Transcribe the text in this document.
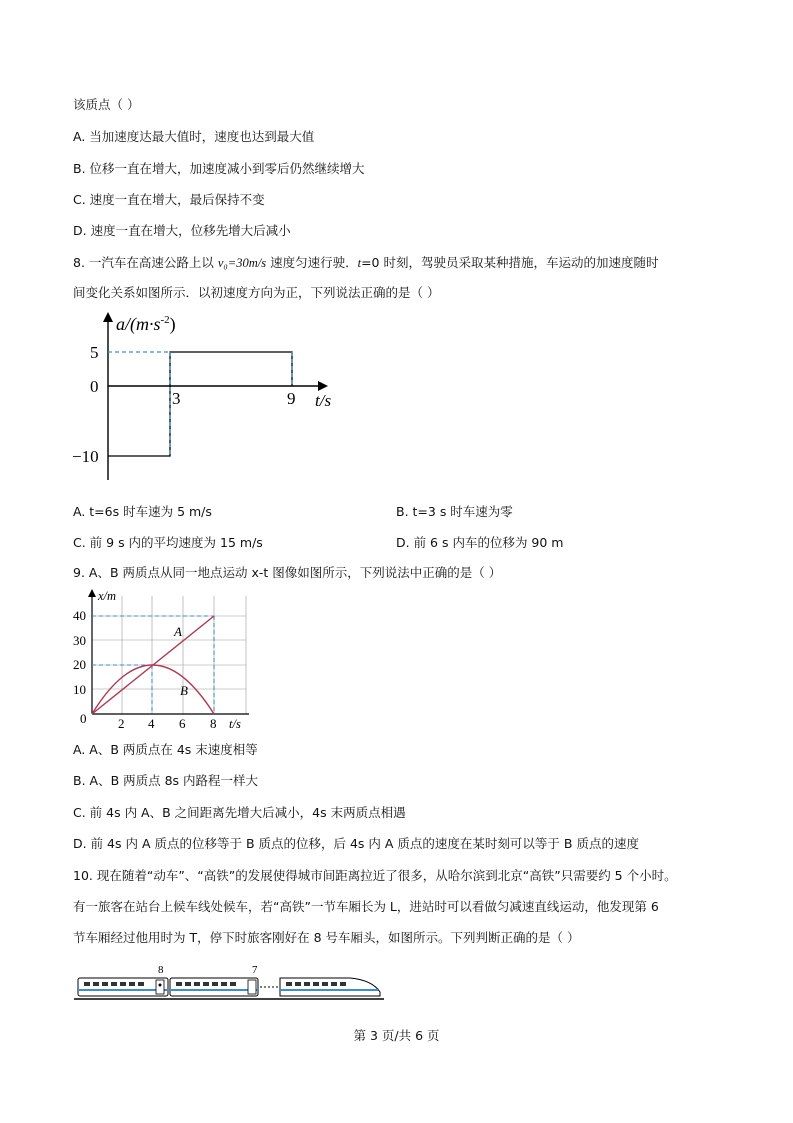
该质点（ ）
A. 当加速度达最大值时，速度也达到最大值
B. 位移一直在增大，加速度减小到零后仍然继续增大
C. 速度一直在增大，最后保持不变
D. 速度一直在增大，位移先增大后减小
8. 一汽车在高速公路上以 v₀=30m/s 速度匀速行驶．t=0 时刻，驾驶员采取某种措施，车运动的加速度随时
间变化关系如图所示．以初速度方向为正，下列说法正确的是（ ）
$a/(m\cdot s^{-2})$
5
0
−10
3	9 t/s
A. t=6s 时车速为 5 m/s	B. t=3 s 时车速为零
C. 前 9 s 内的平均速度为 15 m/s	D. 前 6 s 内车的位移为 90 m
9. A、B 两质点从同一地点运动 x-t 图像如图所示，下列说法中正确的是（ ）
x/m
40
30
20
10
0 2 4 6 8 t/s
A
B
A. A、B 两质点在 4s 末速度相等
B. A、B 两质点 8s 内路程一样大
C. 前 4s 内 A、B 之间距离先增大后减小，4s 末两质点相遇
D. 前 4s 内 A 质点的位移等于 B 质点的位移，后 4s 内 A 质点的速度在某时刻可以等于 B 质点的速度
10. 现在随着“动车”、“高铁”的发展使得城市间距离拉近了很多，从哈尔滨到北京“高铁”只需要约 5 个小时。
有一旅客在站台上候车线处候车，若“高铁”一节车厢长为 L，进站时可以看做匀减速直线运动，他发现第 6
节车厢经过他用时为 T，停下时旅客刚好在 8 号车厢头，如图所示。下列判断正确的是（ ）
8	7
第 3 页/共 6 页
